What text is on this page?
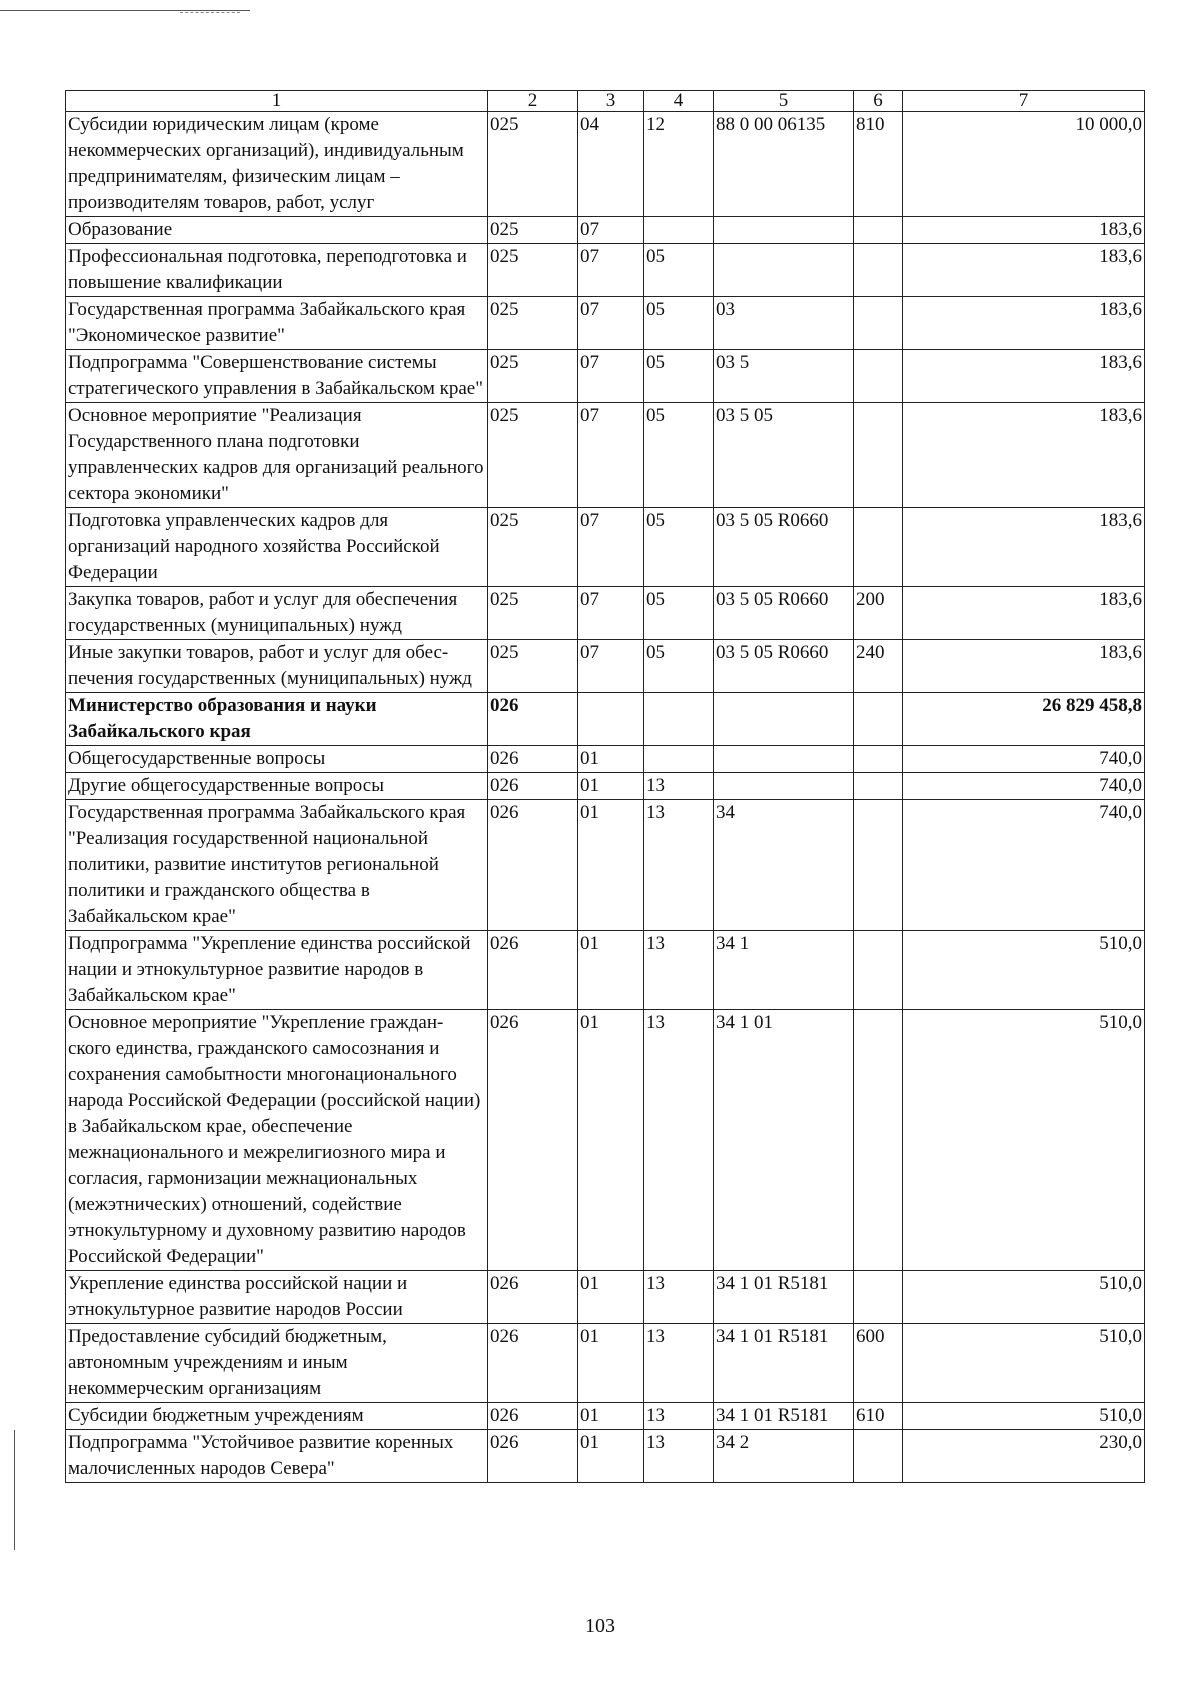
1	2	3	4	5	6	7
Субсидии юридическим лицам (кроме некоммерческих организаций), индивидуальным предпринимателям, физическим лицам – производителям товаров, работ, услуг	025	04	12	88 0 00 06135	810	10 000,0
Образование	025	07				183,6
Профессиональная подготовка, переподготовка и повышение квалификации	025	07	05			183,6
Государственная программа Забайкальского края "Экономическое развитие"	025	07	05	03		183,6
Подпрограмма "Совершенствование системы стратегического управления в Забайкальском крае"	025	07	05	03 5		183,6
Основное мероприятие "Реализация Государственного плана подготовки управленческих кадров для организаций реального сектора экономики"	025	07	05	03 5 05		183,6
Подготовка управленческих кадров для организаций народного хозяйства Российской Федерации	025	07	05	03 5 05 R0660		183,6
Закупка товаров, работ и услуг для обеспечения государственных (муниципальных) нужд	025	07	05	03 5 05 R0660	200	183,6
Иные закупки товаров, работ и услуг для обес- печения государственных (муниципальных) нужд	025	07	05	03 5 05 R0660	240	183,6
Министерство образования и науки Забайкальского края	026					26 829 458,8
Общегосударственные вопросы	026	01				740,0
Другие общегосударственные вопросы	026	01	13			740,0
Государственная программа Забайкальского края "Реализация государственной национальной политики, развитие институтов региональной политики и гражданского общества в Забайкальском крае"	026	01	13	34		740,0
Подпрограмма "Укрепление единства российской нации и этнокультурное развитие народов в Забайкальском крае"	026	01	13	34 1		510,0
Основное мероприятие "Укрепление граждан- ского единства, гражданского самосознания и сохранения самобытности многонационального народа Российской Федерации (российской нации) в Забайкальском крае, обеспечение межнационального и межрелигиозного мира и согласия, гармонизации межнациональных (межэтнических) отношений, содействие этнокультурному и духовному развитию народов Российской Федерации"	026	01	13	34 1 01		510,0
Укрепление единства российской нации и этнокультурное развитие народов России	026	01	13	34 1 01 R5181		510,0
Предоставление субсидий бюджетным, автономным учреждениям и иным некоммерческим организациям	026	01	13	34 1 01 R5181	600	510,0
Субсидии бюджетным учреждениям	026	01	13	34 1 01 R5181	610	510,0
Подпрограмма "Устойчивое развитие коренных малочисленных народов Севера"	026	01	13	34 2		230,0
103
